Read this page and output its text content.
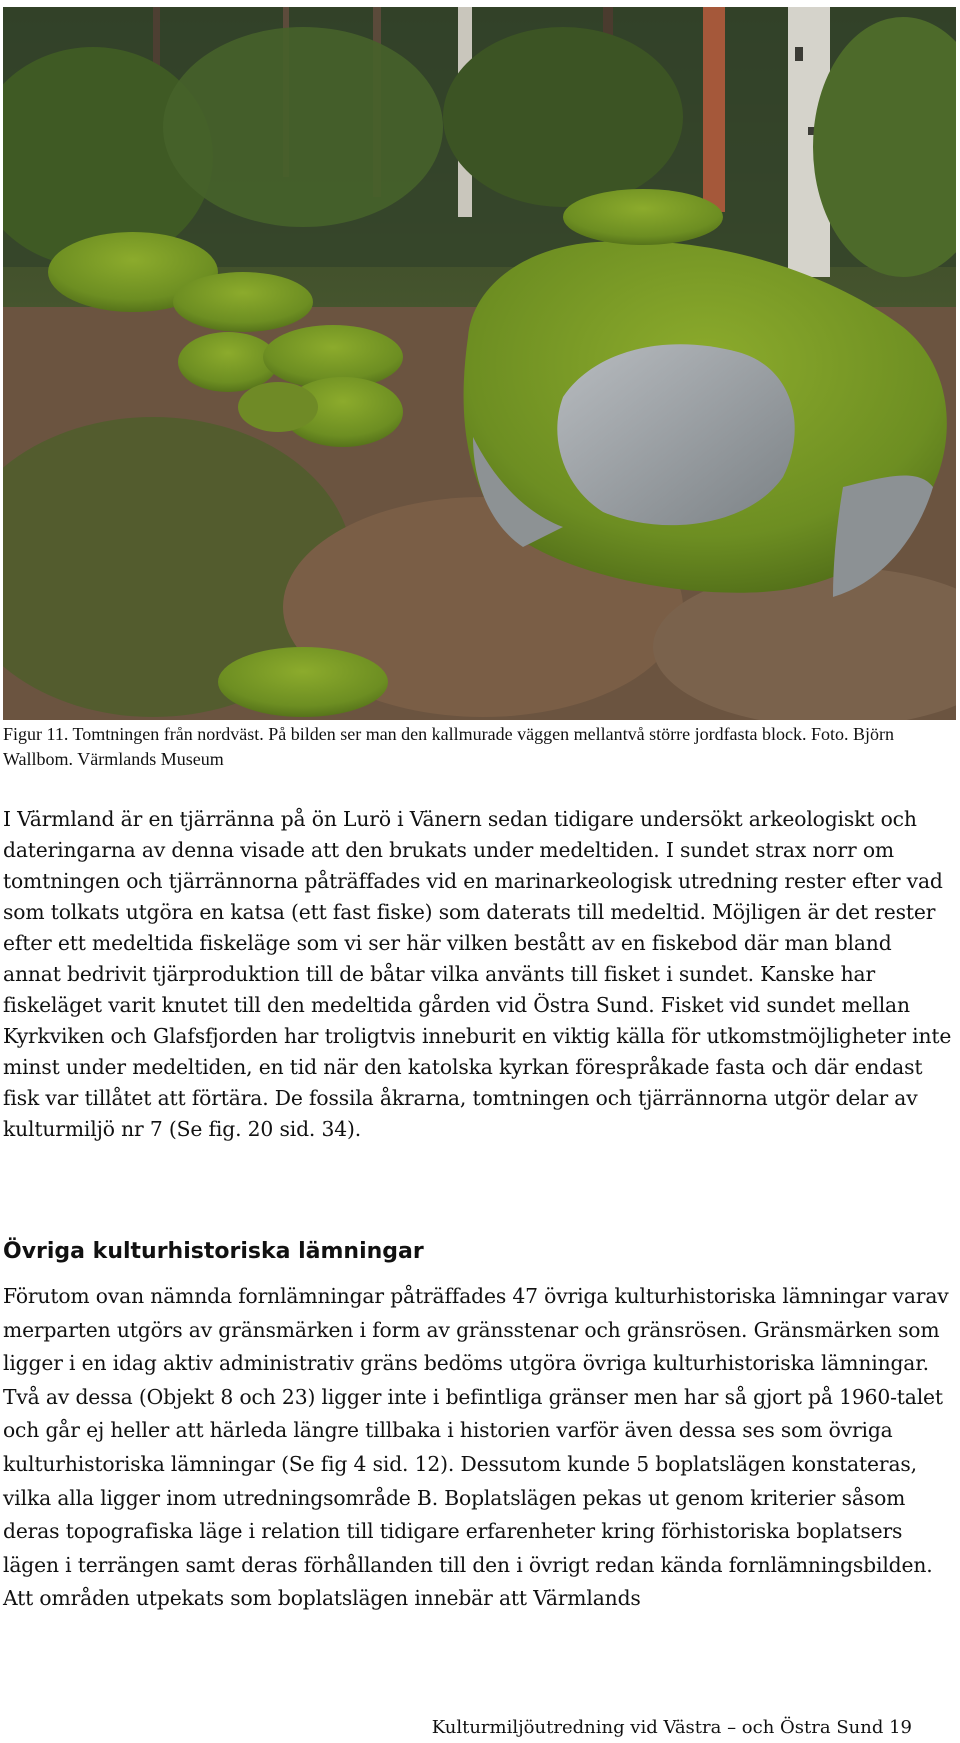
Figur 11. Tomtningen från nordväst. På bilden ser man den kallmurade väggen mellantvå större jordfasta block. Foto. Björn Wallbom. Värmlands Museum

I Värmland är en tjärränna på ön Lurö i Vänern sedan tidigare undersökt arkeologiskt och dateringarna av denna visade att den brukats under medeltiden. I sundet strax norr om tomtningen och tjärrännorna påträffades vid en marinarkeologisk utredning rester efter vad som tolkats utgöra en katsa (ett fast fiske) som daterats till medeltid. Möjligen är det rester efter ett medeltida fiskeläge som vi ser här vilken bestått av en fiskebod där man bland annat bedrivit tjärproduktion till de båtar vilka använts till fisket i sundet. Kanske har fiskeläget varit knutet till den medeltida gården vid Östra Sund. Fisket vid sundet mellan Kyrkviken och Glafsfjorden har troligtvis inneburit en viktig källa för utkomstmöjligheter inte minst under medeltiden, en tid när den katolska kyrkan förespråkade fasta och där endast fisk var tillåtet att förtära. De fossila åkrarna, tomtningen och tjärrännorna utgör delar av kulturmiljö nr 7 (Se fig. 20 sid. 34).

Övriga kulturhistoriska lämningar

Förutom ovan nämnda fornlämningar påträffades 47 övriga kulturhistoriska lämningar varav merparten utgörs av gränsmärken i form av gränsstenar och gränsrösen. Gränsmärken som ligger i en idag aktiv administrativ gräns bedöms utgöra övriga kulturhistoriska lämningar. Två av dessa (Objekt 8 och 23) ligger inte i befintliga gränser men har så gjort på 1960-talet och går ej heller att härleda längre tillbaka i historien varför även dessa ses som övriga kulturhistoriska lämningar (Se fig 4 sid. 12). Dessutom kunde 5 boplatslägen konstateras, vilka alla ligger inom utredningsområde B. Boplatslägen pekas ut genom kriterier såsom deras topografiska läge i relation till tidigare erfarenheter kring förhistoriska boplatsers lägen i terrängen samt deras förhållanden till den i övrigt redan kända fornlämningsbilden. Att områden utpekats som boplatslägen innebär att Värmlands

Kulturmiljöutredning vid Västra – och Östra Sund 19
